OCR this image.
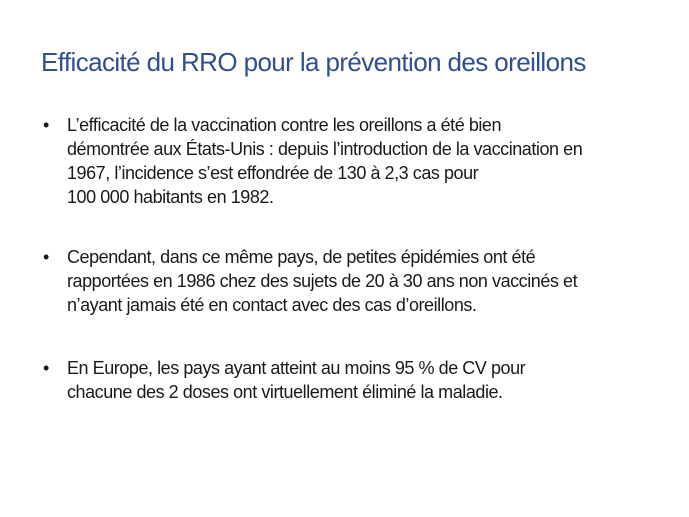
Efficacité du RRO pour la prévention des oreillons
• L’efficacité de la vaccination contre les oreillons a été bien
démontrée aux États-Unis : depuis l’introduction de la vaccination en
1967, l’incidence s’est effondrée de 130 à 2,3 cas pour
100 000 habitants en 1982.
• Cependant, dans ce même pays, de petites épidémies ont été
rapportées en 1986 chez des sujets de 20 à 30 ans non vaccinés et
n’ayant jamais été en contact avec des cas d’oreillons.
• En Europe, les pays ayant atteint au moins 95 % de CV pour
chacune des 2 doses ont virtuellement éliminé la maladie.
